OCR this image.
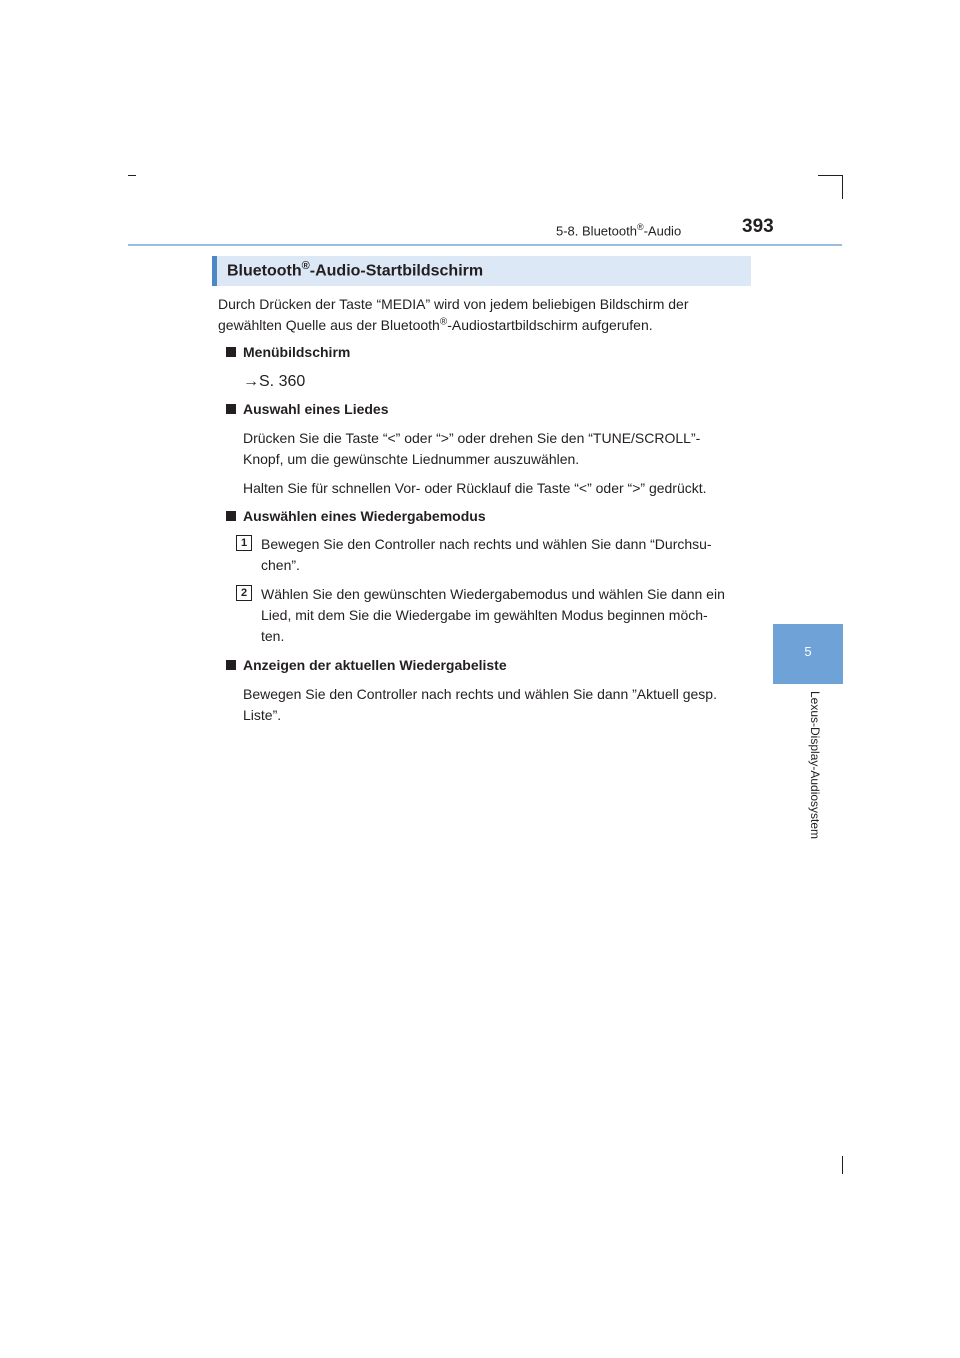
5-8. Bluetooth®-Audio	393
5
Lexus-Display-Audiosystem
Bluetooth®-Audio-Startbildschirm
Durch Drücken der Taste “MEDIA” wird von jedem beliebigen Bildschirm der
gewählten Quelle aus der Bluetooth®-Audiostartbildschirm aufgerufen.
Menübildschirm
→S. 360
Auswahl eines Liedes
Drücken Sie die Taste “<” oder “>” oder drehen Sie den “TUNE/SCROLL”-
Knopf, um die gewünschte Liednummer auszuwählen.
Halten Sie für schnellen Vor- oder Rücklauf die Taste “<” oder “>” gedrückt.
Auswählen eines Wiedergabemodus
1 Bewegen Sie den Controller nach rechts und wählen Sie dann “Durchsu-
chen”.
2 Wählen Sie den gewünschten Wiedergabemodus und wählen Sie dann ein
Lied, mit dem Sie die Wiedergabe im gewählten Modus beginnen möch-
ten.
Anzeigen der aktuellen Wiedergabeliste
Bewegen Sie den Controller nach rechts und wählen Sie dann ”Aktuell gesp.
Liste”.
